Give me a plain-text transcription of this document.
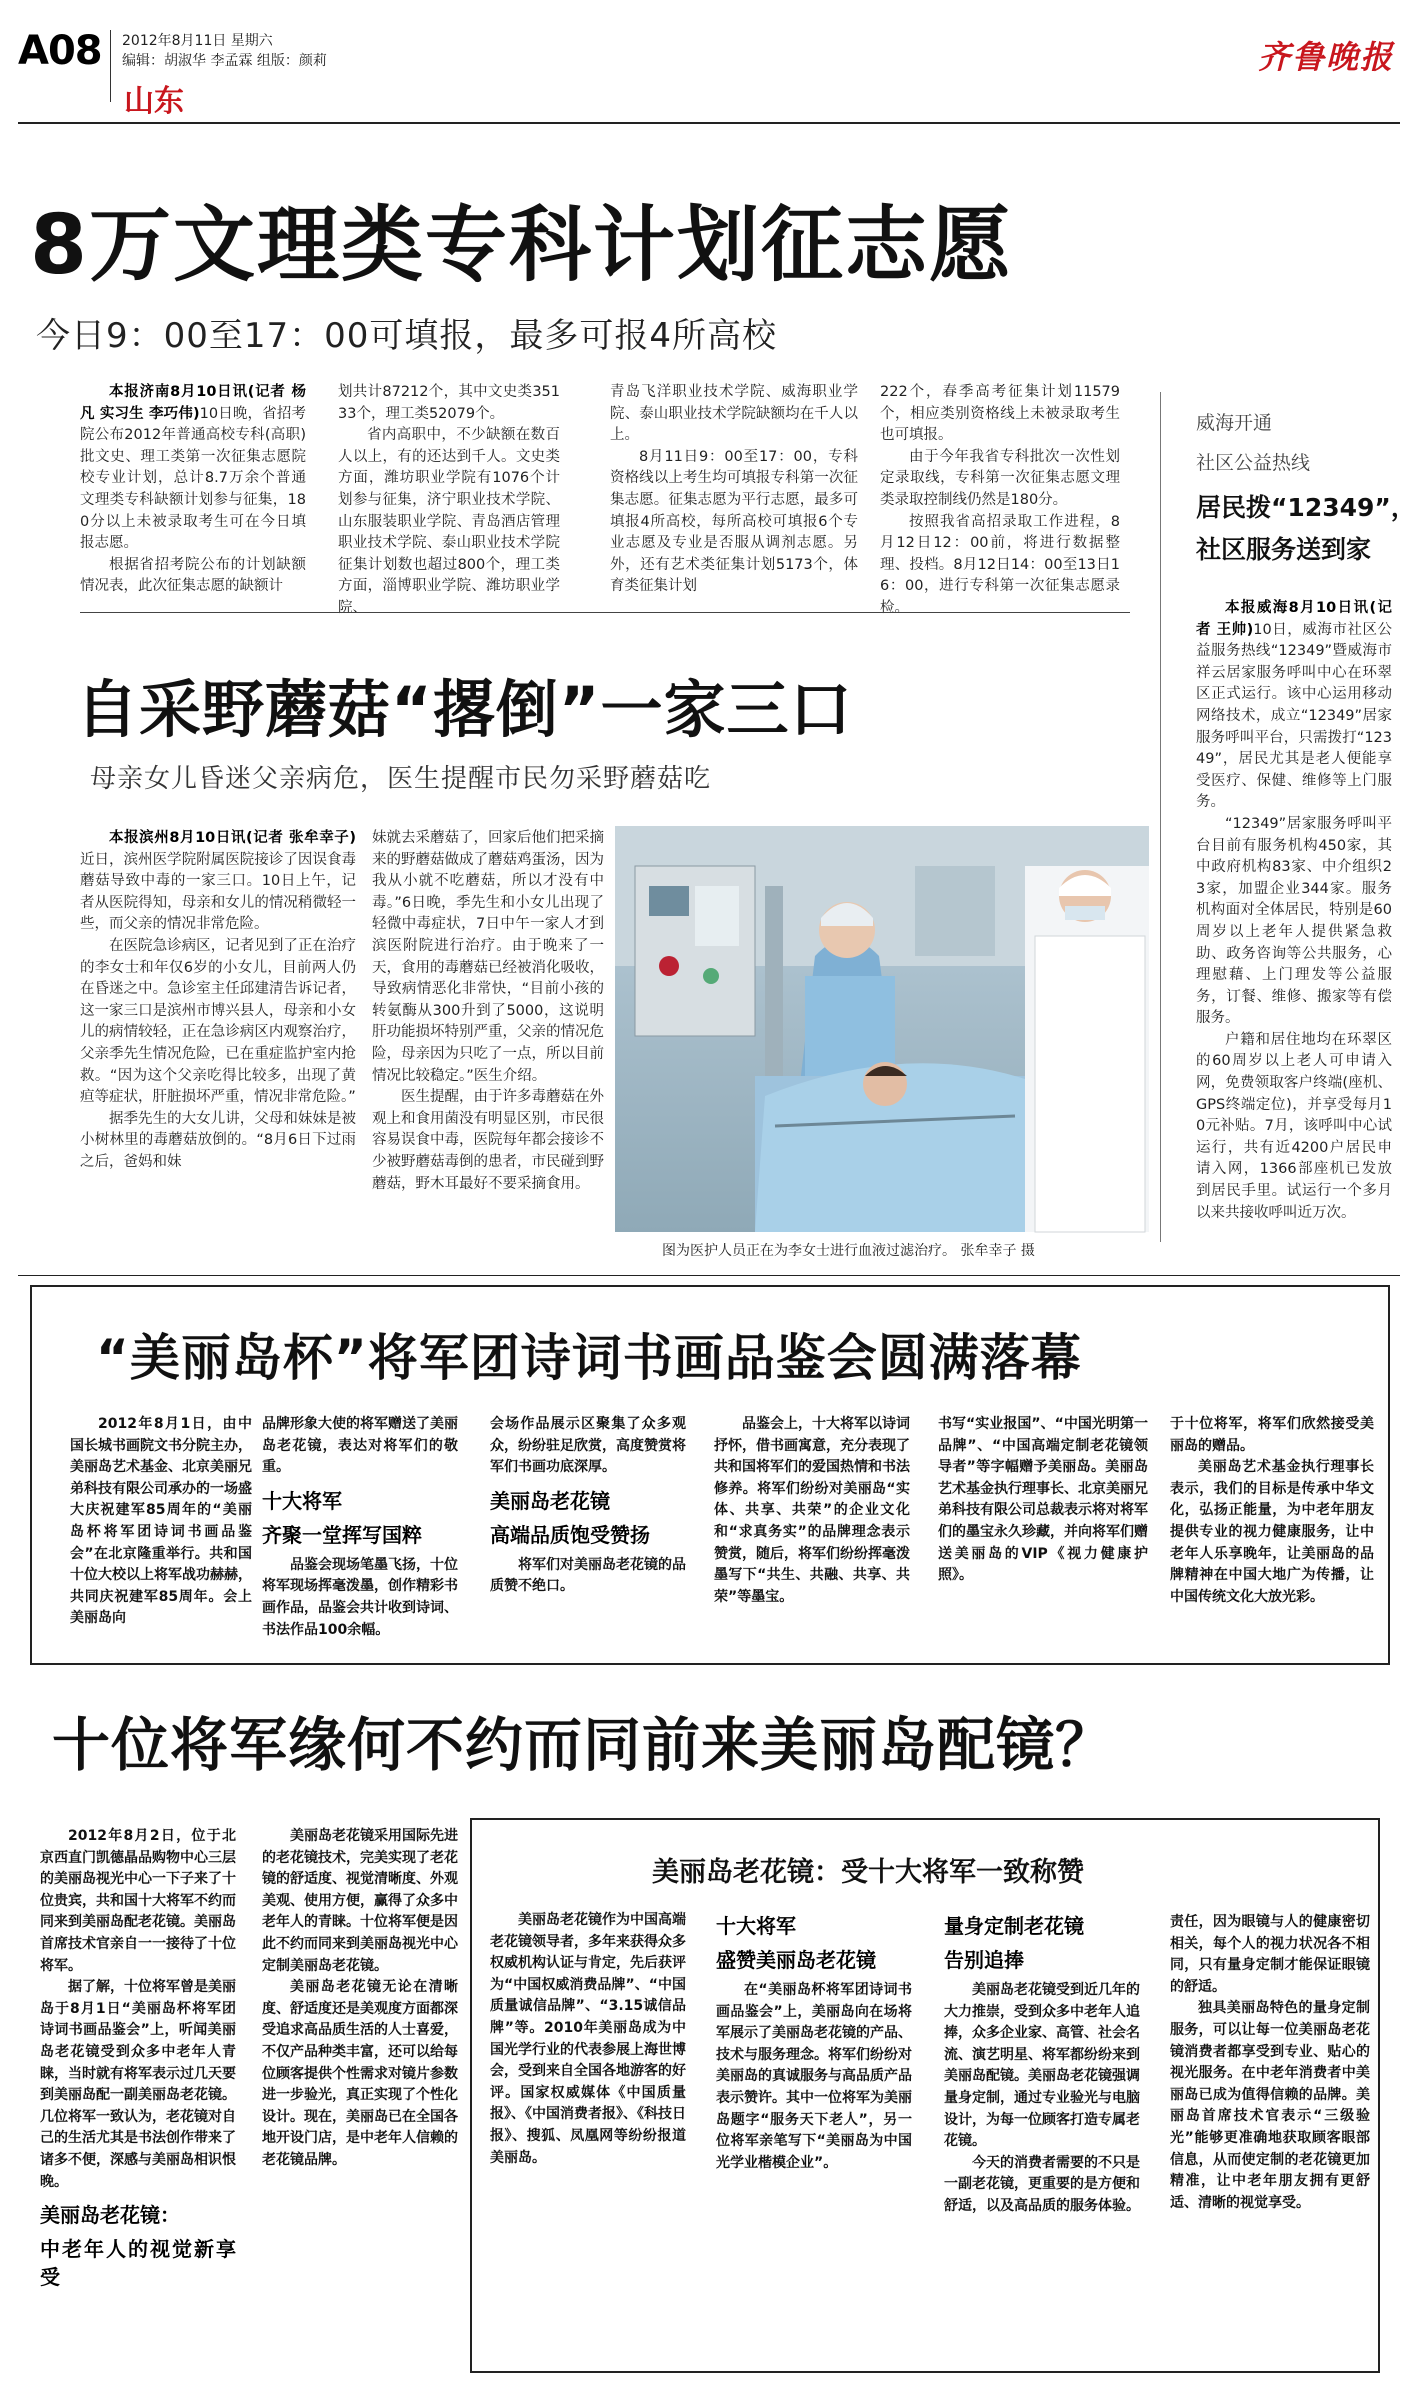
A08 2012年8月11日 星期六
编辑：胡淑华 李孟霖 组版：颜莉
山东
齐鲁晚报
8万文理类专科计划征志愿
今日9：00至17：00可填报，最多可报4所高校

本报济南8月10日讯(记者 杨凡 实习生 李巧伟)10日晚，省招考院公布2012年普通高校专科(高职)批文史、理工类第一次征集志愿院校专业计划，总计8.7万余个普通文理类专科缺额计划参与征集，180分以上未被录取考生可在今日填报志愿。

根据省招考院公布的计划缺额情况表，此次征集志愿的缺额计

划共计87212个，其中文史类35133个，理工类52079个。

省内高职中，不少缺额在数百人以上，有的还达到千人。文史类方面，潍坊职业学院有1076个计划参与征集，济宁职业技术学院、山东服装职业学院、青岛酒店管理职业技术学院、泰山职业技术学院征集计划数也超过800个，理工类方面，淄博职业学院、潍坊职业学院、

青岛飞洋职业技术学院、威海职业学院、泰山职业技术学院缺额均在千人以上。

8月11日9：00至17：00，专科资格线以上考生均可填报专科第一次征集志愿。征集志愿为平行志愿，最多可填报4所高校，每所高校可填报6个专业志愿及专业是否服从调剂志愿。另外，还有艺术类征集计划5173个，体育类征集计划

222个，春季高考征集计划11579个，相应类别资格线上未被录取考生也可填报。

由于今年我省专科批次一次性划定录取线，专科第一次征集志愿文理类录取控制线仍然是180分。

按照我省高招录取工作进程，8月12日12：00前，将进行数据整理、投档。8月12日14：00至13日16：00，进行专科第一次征集志愿录检。

威海开通
社区公益热线
居民拨“12349”，
社区服务送到家

本报威海8月10日讯(记者 王帅)10日，威海市社区公益服务热线“12349”暨威海市祥云居家服务呼叫中心在环翠区正式运行。该中心运用移动网络技术，成立“12349”居家服务呼叫平台，只需拨打“12349”，居民尤其是老人便能享受医疗、保健、维修等上门服务。

“12349”居家服务呼叫平台目前有服务机构450家，其中政府机构83家、中介组织23家，加盟企业344家。服务机构面对全体居民，特别是60周岁以上老年人提供紧急救助、政务咨询等公共服务，心理慰藉、上门理发等公益服务，订餐、维修、搬家等有偿服务。

户籍和居住地均在环翠区的60周岁以上老人可申请入网，免费领取客户终端(座机、GPS终端定位)，并享受每月10元补贴。7月，该呼叫中心试运行，共有近4200户居民申请入网，1366部座机已发放到居民手里。试运行一个多月以来共接收呼叫近万次。

自采野蘑菇“撂倒”一家三口
母亲女儿昏迷父亲病危，医生提醒市民勿采野蘑菇吃

本报滨州8月10日讯(记者 张牟幸子)近日，滨州医学院附属医院接诊了因误食毒蘑菇导致中毒的一家三口。10日上午，记者从医院得知，母亲和女儿的情况稍微轻一些，而父亲的情况非常危险。

在医院急诊病区，记者见到了正在治疗的李女士和年仅6岁的小女儿，目前两人仍在昏迷之中。急诊室主任邱建清告诉记者，这一家三口是滨州市博兴县人，母亲和小女儿的病情较轻，正在急诊病区内观察治疗，父亲季先生情况危险，已在重症监护室内抢救。“因为这个父亲吃得比较多，出现了黄疸等症状，肝脏损坏严重，情况非常危险。”

据季先生的大女儿讲，父母和妹妹是被小树林里的毒蘑菇放倒的。“8月6日下过雨之后，爸妈和妹

妹就去采蘑菇了，回家后他们把采摘来的野蘑菇做成了蘑菇鸡蛋汤，因为我从小就不吃蘑菇，所以才没有中毒。”6日晚，季先生和小女儿出现了轻微中毒症状，7日中午一家人才到滨医附院进行治疗。由于晚来了一天，食用的毒蘑菇已经被消化吸收，导致病情恶化非常快，“目前小孩的转氨酶从300升到了5000，这说明肝功能损坏特别严重，父亲的情况危险，母亲因为只吃了一点，所以目前情况比较稳定。”医生介绍。

医生提醒，由于许多毒蘑菇在外观上和食用菌没有明显区别，市民很容易误食中毒，医院每年都会接诊不少被野蘑菇毒倒的患者，市民碰到野蘑菇，野木耳最好不要采摘食用。

图为医护人员正在为李女士进行血液过滤治疗。 张牟幸子 摄
“美丽岛杯”将军团诗词书画品鉴会圆满落幕

2012年8月1日，由中国长城书画院文书分院主办，美丽岛艺术基金、北京美丽兄弟科技有限公司承办的一场盛大庆祝建军85周年的“美丽岛杯将军团诗词书画品鉴会”在北京隆重举行。共和国十位大校以上将军战功赫赫，共同庆祝建军85周年。会上美丽岛向

品牌形象大使的将军赠送了美丽岛老花镜，表达对将军们的敬重。

十大将军
齐聚一堂挥写国粹

品鉴会现场笔墨飞扬，十位将军现场挥毫泼墨，创作精彩书画作品，品鉴会共计收到诗词、书法作品100余幅。

会场作品展示区聚集了众多观众，纷纷驻足欣赏，高度赞赏将军们书画功底深厚。

美丽岛老花镜
高端品质饱受赞扬

将军们对美丽岛老花镜的品质赞不绝口。

品鉴会上，十大将军以诗词抒怀，借书画寓意，充分表现了共和国将军们的爱国热情和书法修养。将军们纷纷对美丽岛“实体、共享、共荣”的企业文化和“求真务实”的品牌理念表示赞赏，随后，将军们纷纷挥毫泼墨写下“共生、共融、共享、共荣”等墨宝。

书写“实业报国”、“中国光明第一品牌”、“中国高端定制老花镜领导者”等字幅赠予美丽岛。美丽岛艺术基金执行理事长、北京美丽兄弟科技有限公司总裁表示将对将军们的墨宝永久珍藏，并向将军们赠送美丽岛的VIP《视力健康护照》。

于十位将军，将军们欣然接受美丽岛的赠品。

美丽岛艺术基金执行理事长表示，我们的目标是传承中华文化，弘扬正能量，为中老年朋友提供专业的视力健康服务，让中老年人乐享晚年，让美丽岛的品牌精神在中国大地广为传播，让中国传统文化大放光彩。

十位将军缘何不约而同前来美丽岛配镜？

2012年8月2日，位于北京西直门凯德晶品购物中心三层的美丽岛视光中心一下子来了十位贵宾，共和国十大将军不约而同来到美丽岛配老花镜。美丽岛首席技术官亲自一一接待了十位将军。

据了解，十位将军曾是美丽岛于8月1日“美丽岛杯将军团诗词书画品鉴会”上，听闻美丽岛老花镜受到众多中老年人青睐，当时就有将军表示过几天要到美丽岛配一副美丽岛老花镜。几位将军一致认为，老花镜对自己的生活尤其是书法创作带来了诸多不便，深感与美丽岛相识恨晚。

美丽岛老花镜：
中老年人的视觉新享受

美丽岛老花镜采用国际先进的老花镜技术，完美实现了老花镜的舒适度、视觉清晰度、外观美观、使用方便，赢得了众多中老年人的青睐。十位将军便是因此不约而同来到美丽岛视光中心定制美丽岛老花镜。

美丽岛老花镜无论在清晰度、舒适度还是美观度方面都深受追求高品质生活的人士喜爱，不仅产品种类丰富，还可以给每位顾客提供个性需求对镜片参数进一步验光，真正实现了个性化设计。现在，美丽岛已在全国各地开设门店，是中老年人信赖的老花镜品牌。

美丽岛老花镜：受十大将军一致称赞

美丽岛老花镜作为中国高端老花镜领导者，多年来获得众多权威机构认证与肯定，先后获评为“中国权威消费品牌”、“中国质量诚信品牌”、“3.15诚信品牌”等。2010年美丽岛成为中国光学行业的代表参展上海世博会，受到来自全国各地游客的好评。国家权威媒体《中国质量报》、《中国消费者报》、《科技日报》、搜狐、凤凰网等纷纷报道美丽岛。

十大将军
盛赞美丽岛老花镜

在“美丽岛杯将军团诗词书画品鉴会”上，美丽岛向在场将军展示了美丽岛老花镜的产品、技术与服务理念。将军们纷纷对美丽岛的真诚服务与高品质产品表示赞许。其中一位将军为美丽岛题字“服务天下老人”，另一位将军亲笔写下“美丽岛为中国光学业楷模企业”。

量身定制老花镜
告别追捧

美丽岛老花镜受到近几年的大力推崇，受到众多中老年人追捧，众多企业家、高管、社会名流、演艺明星、将军都纷纷来到美丽岛配镜。美丽岛老花镜强调量身定制，通过专业验光与电脑设计，为每一位顾客打造专属老花镜。

今天的消费者需要的不只是一副老花镜，更重要的是方便和舒适，以及高品质的服务体验。

责任，因为眼镜与人的健康密切相关，每个人的视力状况各不相同，只有量身定制才能保证眼镜的舒适。

独具美丽岛特色的量身定制服务，可以让每一位美丽岛老花镜消费者都享受到专业、贴心的视光服务。在中老年消费者中美丽岛已成为值得信赖的品牌。美丽岛首席技术官表示“三级验光”能够更准确地获取顾客眼部信息，从而使定制的老花镜更加精准，让中老年朋友拥有更舒适、清晰的视觉享受。
